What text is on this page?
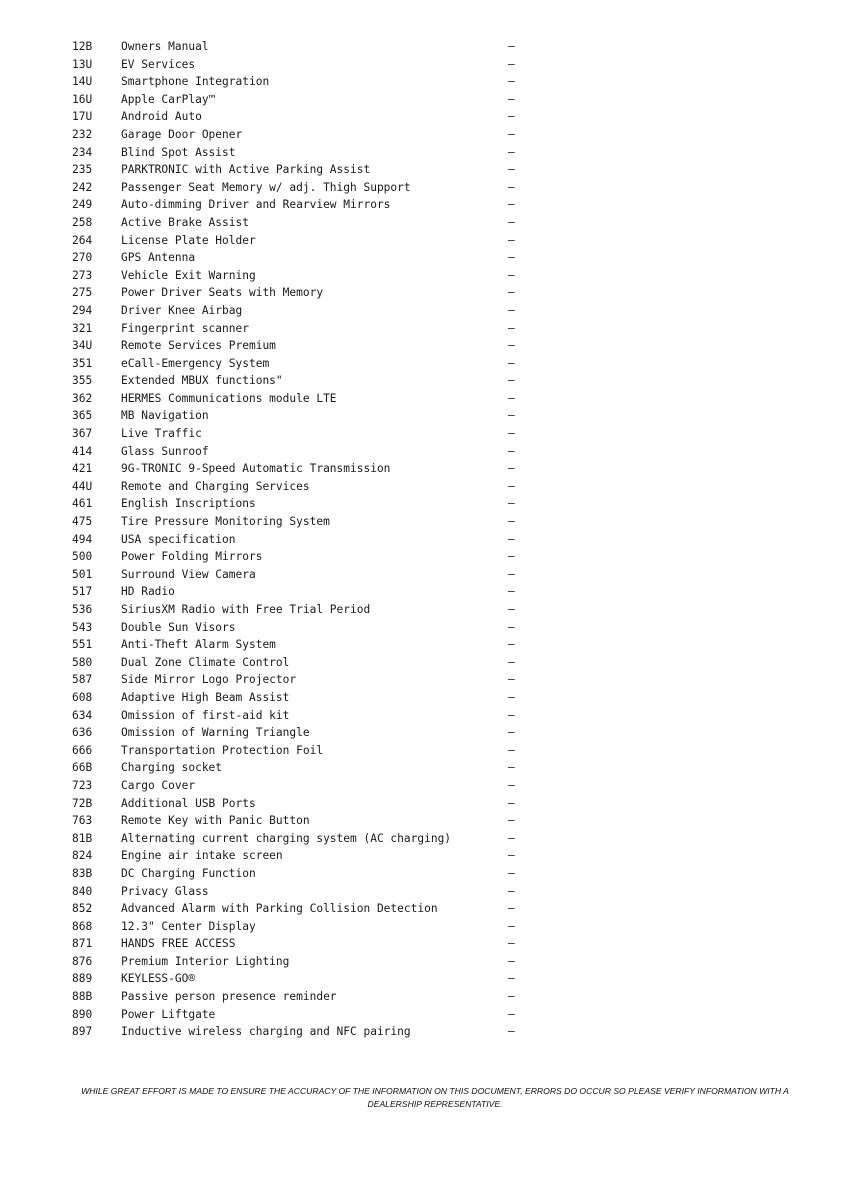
12B	Owners Manual	—
13U	EV Services	—
14U	Smartphone Integration	—
16U	Apple CarPlay™	—
17U	Android Auto	—
232	Garage Door Opener	—
234	Blind Spot Assist	—
235	PARKTRONIC with Active Parking Assist	—
242	Passenger Seat Memory w/ adj. Thigh Support	—
249	Auto-dimming Driver and Rearview Mirrors	—
258	Active Brake Assist	—
264	License Plate Holder	—
270	GPS Antenna	—
273	Vehicle Exit Warning	—
275	Power Driver Seats with Memory	—
294	Driver Knee Airbag	—
321	Fingerprint scanner	—
34U	Remote Services Premium	—
351	eCall-Emergency System	—
355	Extended MBUX functions"	—
362	HERMES Communications module LTE	—
365	MB Navigation	—
367	Live Traffic	—
414	Glass Sunroof	—
421	9G-TRONIC 9-Speed Automatic Transmission	—
44U	Remote and Charging Services	—
461	English Inscriptions	—
475	Tire Pressure Monitoring System	—
494	USA specification	—
500	Power Folding Mirrors	—
501	Surround View Camera	—
517	HD Radio	—
536	SiriusXM Radio with Free Trial Period	—
543	Double Sun Visors	—
551	Anti-Theft Alarm System	—
580	Dual Zone Climate Control	—
587	Side Mirror Logo Projector	—
608	Adaptive High Beam Assist	—
634	Omission of first-aid kit	—
636	Omission of Warning Triangle	—
666	Transportation Protection Foil	—
66B	Charging socket	—
723	Cargo Cover	—
72B	Additional USB Ports	—
763	Remote Key with Panic Button	—
81B	Alternating current charging system (AC charging)	—
824	Engine air intake screen	—
83B	DC Charging Function	—
840	Privacy Glass	—
852	Advanced Alarm with Parking Collision Detection	—
868	12.3" Center Display	—
871	HANDS FREE ACCESS	—
876	Premium Interior Lighting	—
889	KEYLESS-GO®	—
88B	Passive person presence reminder	—
890	Power Liftgate	—
897	Inductive wireless charging and NFC pairing	—
WHILE GREAT EFFORT IS MADE TO ENSURE THE ACCURACY OF THE INFORMATION ON THIS DOCUMENT, ERRORS DO OCCUR SO PLEASE VERIFY INFORMATION WITH A DEALERSHIP REPRESENTATIVE.
